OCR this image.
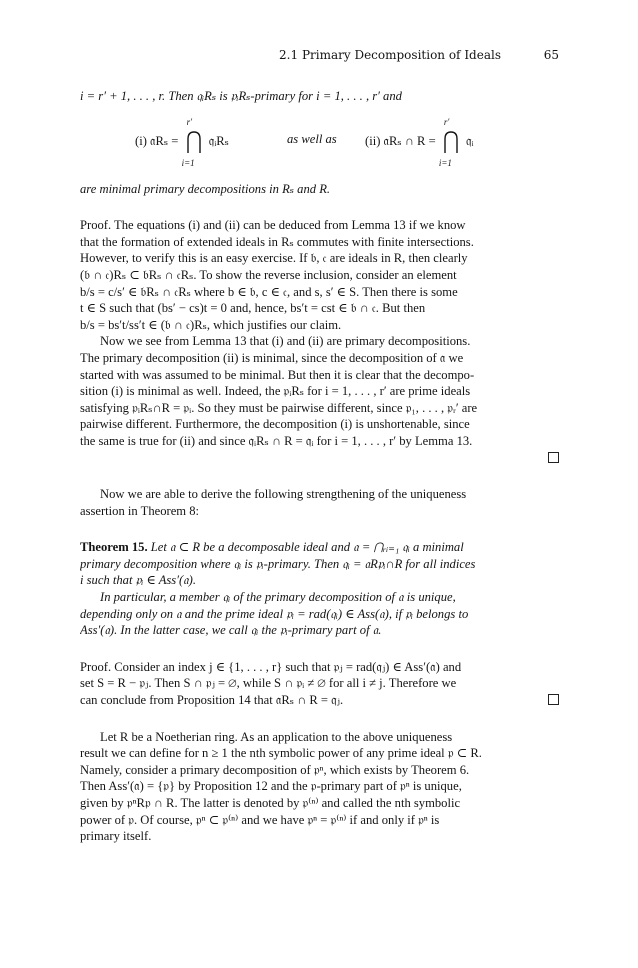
2.1 Primary Decomposition of Ideals	65
i = r′ + 1, . . . , r. Then 𝔮ᵢRₛ is 𝔭ᵢRₛ-primary for i = 1, . . . , r′ and
(i) 𝔞Rₛ =
r′
i=1
𝔮ᵢRₛ	as well as (ii) 𝔞Rₛ ∩ R =
r′
i=1
𝔮ᵢ
are minimal primary decompositions in Rₛ and R.
Proof. The equations (i) and (ii) can be deduced from Lemma 13 if we know
that the formation of extended ideals in Rₛ commutes with finite intersections.
However, to verify this is an easy exercise. If 𝔟, 𝔠 are ideals in R, then clearly
(𝔟 ∩ 𝔠)Rₛ ⊂ 𝔟Rₛ ∩ 𝔠Rₛ. To show the reverse inclusion, consider an element
b/s = c/s′ ∈ 𝔟Rₛ ∩ 𝔠Rₛ where b ∈ 𝔟, c ∈ 𝔠, and s, s′ ∈ S. Then there is some
t ∈ S such that (bs′ − cs)t = 0 and, hence, bs′t = cst ∈ 𝔟 ∩ 𝔠. But then
b/s = bs′t/ss′t ∈ (𝔟 ∩ 𝔠)Rₛ, which justifies our claim.
Now we see from Lemma 13 that (i) and (ii) are primary decompositions.
The primary decomposition (ii) is minimal, since the decomposition of 𝔞 we
started with was assumed to be minimal. But then it is clear that the decompo-
sition (i) is minimal as well. Indeed, the 𝔭ᵢRₛ for i = 1, . . . , r′ are prime ideals
satisfying 𝔭ᵢRₛ∩R = 𝔭ᵢ. So they must be pairwise different, since 𝔭₁, . . . , 𝔭ᵣ′ are
pairwise different. Furthermore, the decomposition (i) is unshortenable, since
the same is true for (ii) and since 𝔮ᵢRₛ ∩ R = 𝔮ᵢ for i = 1, . . . , r′ by Lemma 13.
Now we are able to derive the following strengthening of the uniqueness
assertion in Theorem 8:
Theorem 15. Let 𝔞 ⊂ R be a decomposable ideal and 𝔞 = ⋂ᵣᵢ₌₁ 𝔮ᵢ a minimal
primary decomposition where 𝔮ᵢ is 𝔭ᵢ-primary. Then 𝔮ᵢ = 𝔞R𝔭ᵢ∩R for all indices
i such that 𝔭ᵢ ∈ Ass′(𝔞).
In particular, a member 𝔮ᵢ of the primary decomposition of 𝔞 is unique,
depending only on 𝔞 and the prime ideal 𝔭ᵢ = rad(𝔮ᵢ) ∈ Ass(𝔞), if 𝔭ᵢ belongs to
Ass′(𝔞). In the latter case, we call 𝔮ᵢ the 𝔭ᵢ-primary part of 𝔞.
Proof. Consider an index j ∈ {1, . . . , r} such that 𝔭ⱼ = rad(𝔮ⱼ) ∈ Ass′(𝔞) and
set S = R − 𝔭ⱼ. Then S ∩ 𝔭ⱼ = ∅, while S ∩ 𝔭ᵢ ≠ ∅ for all i ≠ j. Therefore we
can conclude from Proposition 14 that 𝔞Rₛ ∩ R = 𝔮ⱼ.
Let R be a Noetherian ring. As an application to the above uniqueness
result we can define for n ≥ 1 the nth symbolic power of any prime ideal 𝔭 ⊂ R.
Namely, consider a primary decomposition of 𝔭ⁿ, which exists by Theorem 6.
Then Ass′(𝔞) = {𝔭} by Proposition 12 and the 𝔭-primary part of 𝔭ⁿ is unique,
given by 𝔭ⁿR𝔭 ∩ R. The latter is denoted by 𝔭⁽ⁿ⁾ and called the nth symbolic
power of 𝔭. Of course, 𝔭ⁿ ⊂ 𝔭⁽ⁿ⁾ and we have 𝔭ⁿ = 𝔭⁽ⁿ⁾ if and only if 𝔭ⁿ is
primary itself.
